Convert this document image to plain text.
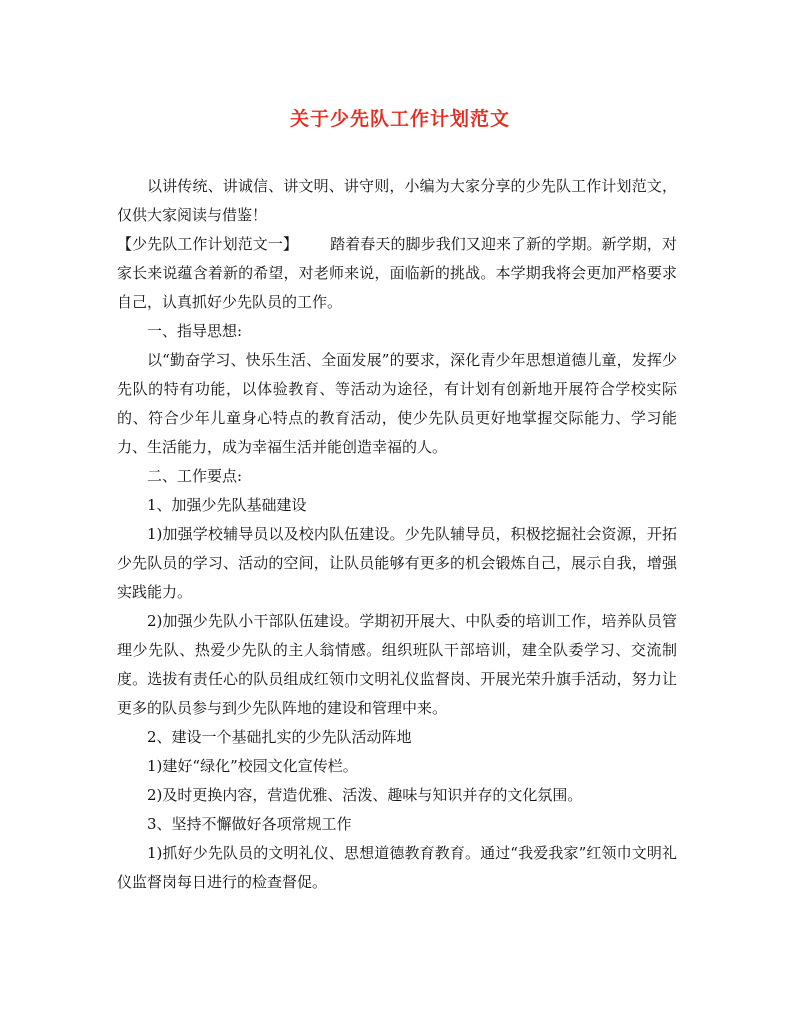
关于少先队工作计划范文

以讲传统、讲诚信、讲文明、讲守则，小编为大家分享的少先队工作计划范文，仅供大家阅读与借鉴！

【少先队工作计划范文一】 踏着春天的脚步我们又迎来了新的学期。新学期，对家长来说蕴含着新的希望，对老师来说，面临新的挑战。本学期我将会更加严格要求自己，认真抓好少先队员的工作。

一、指导思想:

以“勤奋学习、快乐生活、全面发展”的要求，深化青少年思想道德儿童，发挥少先队的特有功能，以体验教育、等活动为途径，有计划有创新地开展符合学校实际的、符合少年儿童身心特点的教育活动，使少先队员更好地掌握交际能力、学习能力、生活能力，成为幸福生活并能创造幸福的人。

二、工作要点:

1、加强少先队基础建设

1)加强学校辅导员以及校内队伍建设。少先队辅导员，积极挖掘社会资源，开拓少先队员的学习、活动的空间，让队员能够有更多的机会锻炼自己，展示自我，增强实践能力。

2)加强少先队小干部队伍建设。学期初开展大、中队委的培训工作，培养队员管理少先队、热爱少先队的主人翁情感。组织班队干部培训，建全队委学习、交流制度。选拔有责任心的队员组成红领巾文明礼仪监督岗、开展光荣升旗手活动，努力让更多的队员参与到少先队阵地的建设和管理中来。

2、建设一个基础扎实的少先队活动阵地

1)建好“绿化”校园文化宣传栏。

2)及时更换内容，营造优雅、活泼、趣味与知识并存的文化氛围。

3、坚持不懈做好各项常规工作

1)抓好少先队员的文明礼仪、思想道德教育教育。通过“我爱我家”红领巾文明礼仪监督岗每日进行的检查督促。
